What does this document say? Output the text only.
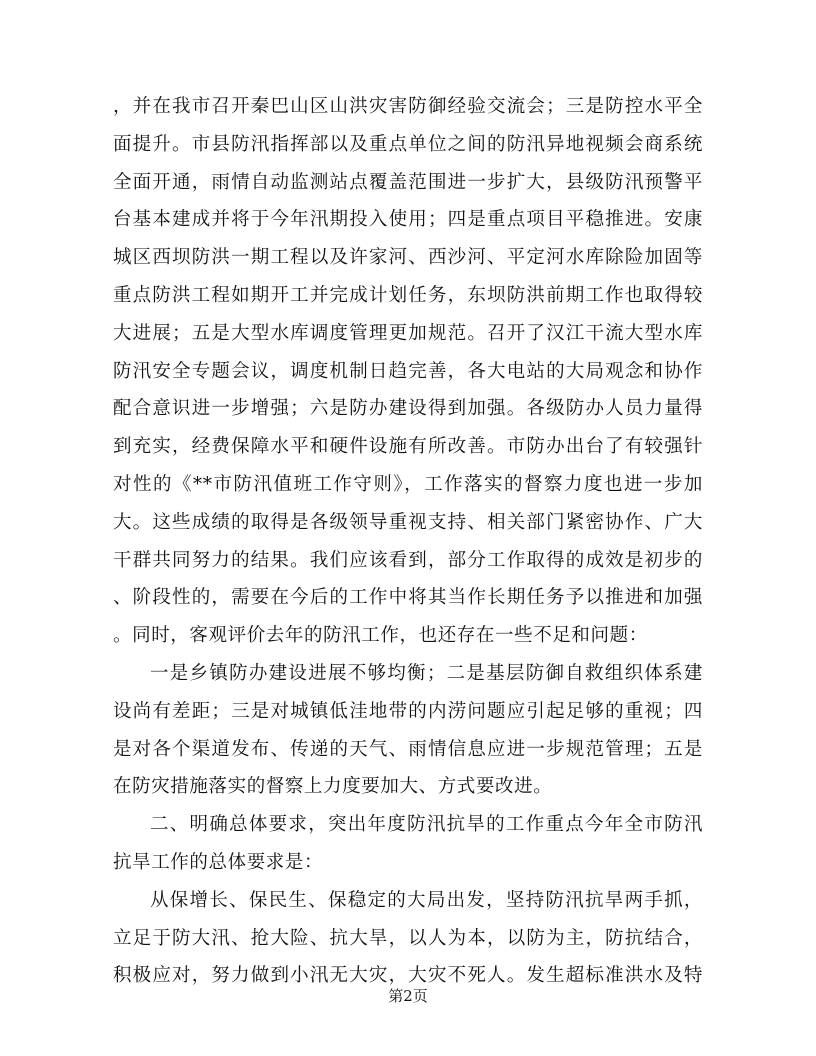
，并在我市召开秦巴山区山洪灾害防御经验交流会；三是防控水平全
面提升。市县防汛指挥部以及重点单位之间的防汛异地视频会商系统
全面开通，雨情自动监测站点覆盖范围进一步扩大，县级防汛预警平
台基本建成并将于今年汛期投入使用；四是重点项目平稳推进。安康
城区西坝防洪一期工程以及许家河、西沙河、平定河水库除险加固等
重点防洪工程如期开工并完成计划任务，东坝防洪前期工作也取得较
大进展；五是大型水库调度管理更加规范。召开了汉江干流大型水库
防汛安全专题会议，调度机制日趋完善，各大电站的大局观念和协作
配合意识进一步增强；六是防办建设得到加强。各级防办人员力量得
到充实，经费保障水平和硬件设施有所改善。市防办出台了有较强针
对性的《**市防汛值班工作守则》，工作落实的督察力度也进一步加
大。这些成绩的取得是各级领导重视支持、相关部门紧密协作、广大
干群共同努力的结果。我们应该看到，部分工作取得的成效是初步的
、阶段性的，需要在今后的工作中将其当作长期任务予以推进和加强
。同时，客观评价去年的防汛工作，也还存在一些不足和问题：
一是乡镇防办建设进展不够均衡；二是基层防御自救组织体系建
设尚有差距；三是对城镇低洼地带的内涝问题应引起足够的重视；四
是对各个渠道发布、传递的天气、雨情信息应进一步规范管理；五是
在防灾措施落实的督察上力度要加大、方式要改进。
二、明确总体要求，突出年度防汛抗旱的工作重点今年全市防汛
抗旱工作的总体要求是：
从保增长、保民生、保稳定的大局出发，坚持防汛抗旱两手抓，
立足于防大汛、抢大险、抗大旱，以人为本，以防为主，防抗结合，
积极应对，努力做到小汛无大灾，大灾不死人。发生超标准洪水及特
第2页
